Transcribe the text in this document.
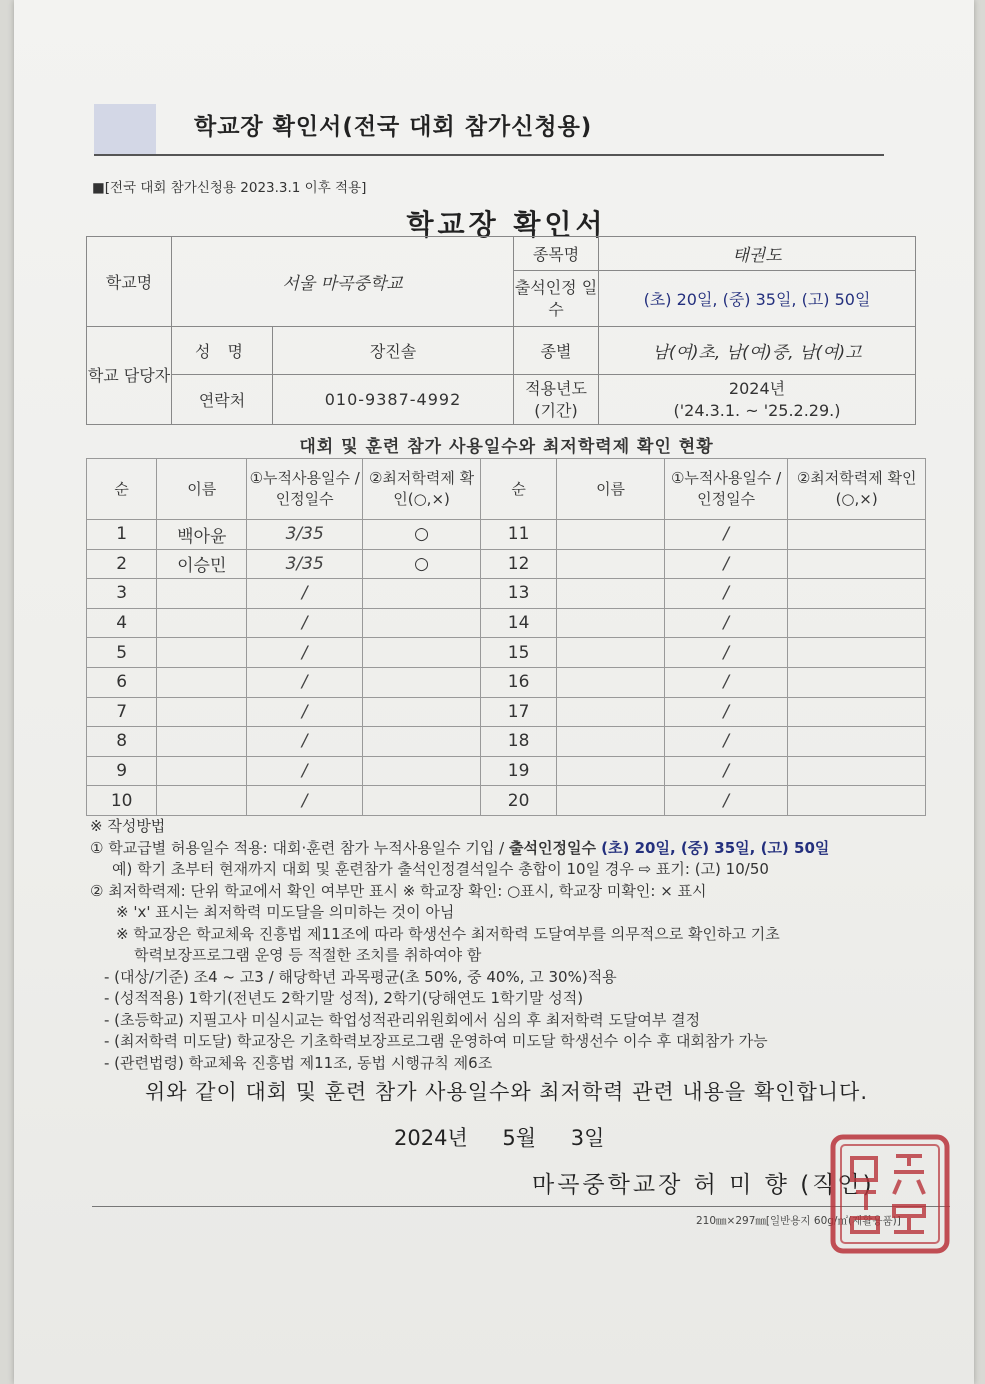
학교장 확인서(전국 대회 참가신청용)
■[전국 대회 참가신청용 2023.3.1 이후 적용]
학교장 확인서
학교명	서울 마곡중학교		종목명	태권도
			출석인정 일수	(초) 20일, (중) 35일, (고) 50일
학교 담당자	성 명	장진솔	종별	남(여)초, 남(여)중, 남(여)고
	연락처	010-9387-4992	적용년도 (기간)	2024년
('24.3.1. ~ '25.2.29.)
대회 및 훈련 참가 사용일수와 최저학력제 확인 현황
순	이름	①누적사용일수 /인정일수	②최저학력제 확인(○,×)	순	이름	①누적사용일수 /인정일수	②최저학력제 확인(○,×)
1	백아윤	3/35	○	11		/	
2	이승민	3/35	○	12		/	
3		/		13		/	
4		/		14		/	
5		/		15		/	
6		/		16		/	
7		/		17		/	
8		/		18		/	
9		/		19		/	
10		/		20		/	
※ 작성방법
① 학교급별 허용일수 적용: 대회·훈련 참가 누적사용일수 기입 / 출석인정일수 (초) 20일, (중) 35일, (고) 50일
예) 학기 초부터 현재까지 대회 및 훈련참가 출석인정결석일수 총합이 10일 경우 ⇨ 표기: (고) 10/50
② 최저학력제: 단위 학교에서 확인 여부만 표시 ※ 학교장 확인: ○표시, 학교장 미확인: × 표시
※ 'x' 표시는 최저학력 미도달을 의미하는 것이 아님
※ 학교장은 학교체육 진흥법 제11조에 따라 학생선수 최저학력 도달여부를 의무적으로 확인하고 기초
학력보장프로그램 운영 등 적절한 조치를 취하여야 함
- (대상/기준) 조4 ~ 고3 / 해당학년 과목평균(초 50%, 중 40%, 고 30%)적용
- (성적적용) 1학기(전년도 2학기말 성적), 2학기(당해연도 1학기말 성적)
- (초등학교) 지필고사 미실시교는 학업성적관리위원회에서 심의 후 최저학력 도달여부 결정
- (최저학력 미도달) 학교장은 기초학력보장프로그램 운영하여 미도달 학생선수 이수 후 대회참가 가능
- (관련법령) 학교체육 진흥법 제11조, 동법 시행규칙 제6조
위와 같이 대회 및 훈련 참가 사용일수와 최저학력 관련 내용을 확인합니다.
2024년 5월 3일
마곡중학교장 허 미 향 (직인)
210㎜×297㎜[일반용지 60g/㎡(재활용품)]
